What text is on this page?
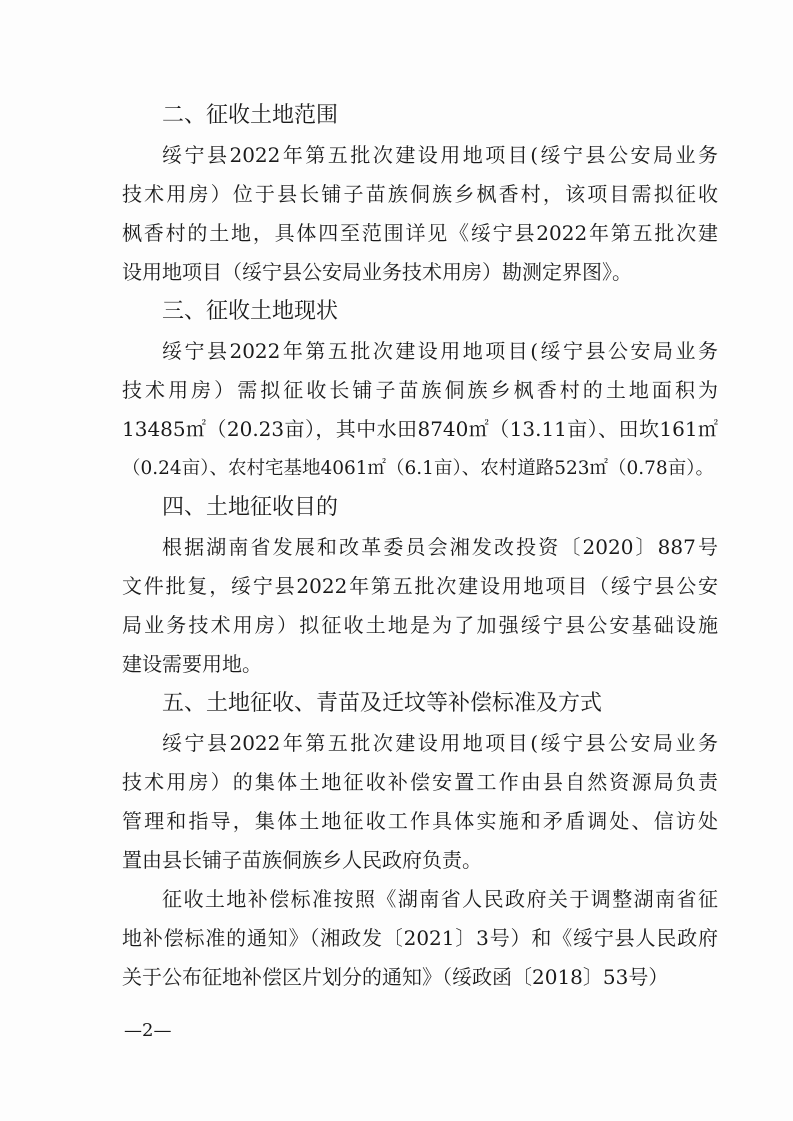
二、征收土地范围

绥宁县2022年第五批次建设用地项目(绥宁县公安局业务
技术用房）位于县长铺子苗族侗族乡枫香村，该项目需拟征收
枫香村的土地，具体四至范围详见《绥宁县2022年第五批次建
设用地项目（绥宁县公安局业务技术用房）勘测定界图》。

三、征收土地现状

绥宁县2022年第五批次建设用地项目(绥宁县公安局业务
技术用房）需拟征收长铺子苗族侗族乡枫香村的土地面积为
13485㎡（20.23亩），其中水田8740㎡（13.11亩）、田坎161㎡
（0.24亩）、农村宅基地4061㎡（6.1亩）、农村道路523㎡（0.78亩）。

四、土地征收目的

根据湖南省发展和改革委员会湘发改投资〔2020〕887号
文件批复，绥宁县2022年第五批次建设用地项目（绥宁县公安
局业务技术用房）拟征收土地是为了加强绥宁县公安基础设施
建设需要用地。

五、土地征收、青苗及迁坟等补偿标准及方式

绥宁县2022年第五批次建设用地项目(绥宁县公安局业务
技术用房）的集体土地征收补偿安置工作由县自然资源局负责
管理和指导，集体土地征收工作具体实施和矛盾调处、信访处
置由县长铺子苗族侗族乡人民政府负责。

征收土地补偿标准按照《湖南省人民政府关于调整湖南省征
地补偿标准的通知》（湘政发〔2021〕3号）和《绥宁县人民政府
关于公布征地补偿区片划分的通知》（绥政函〔2018〕53号）

—2—
